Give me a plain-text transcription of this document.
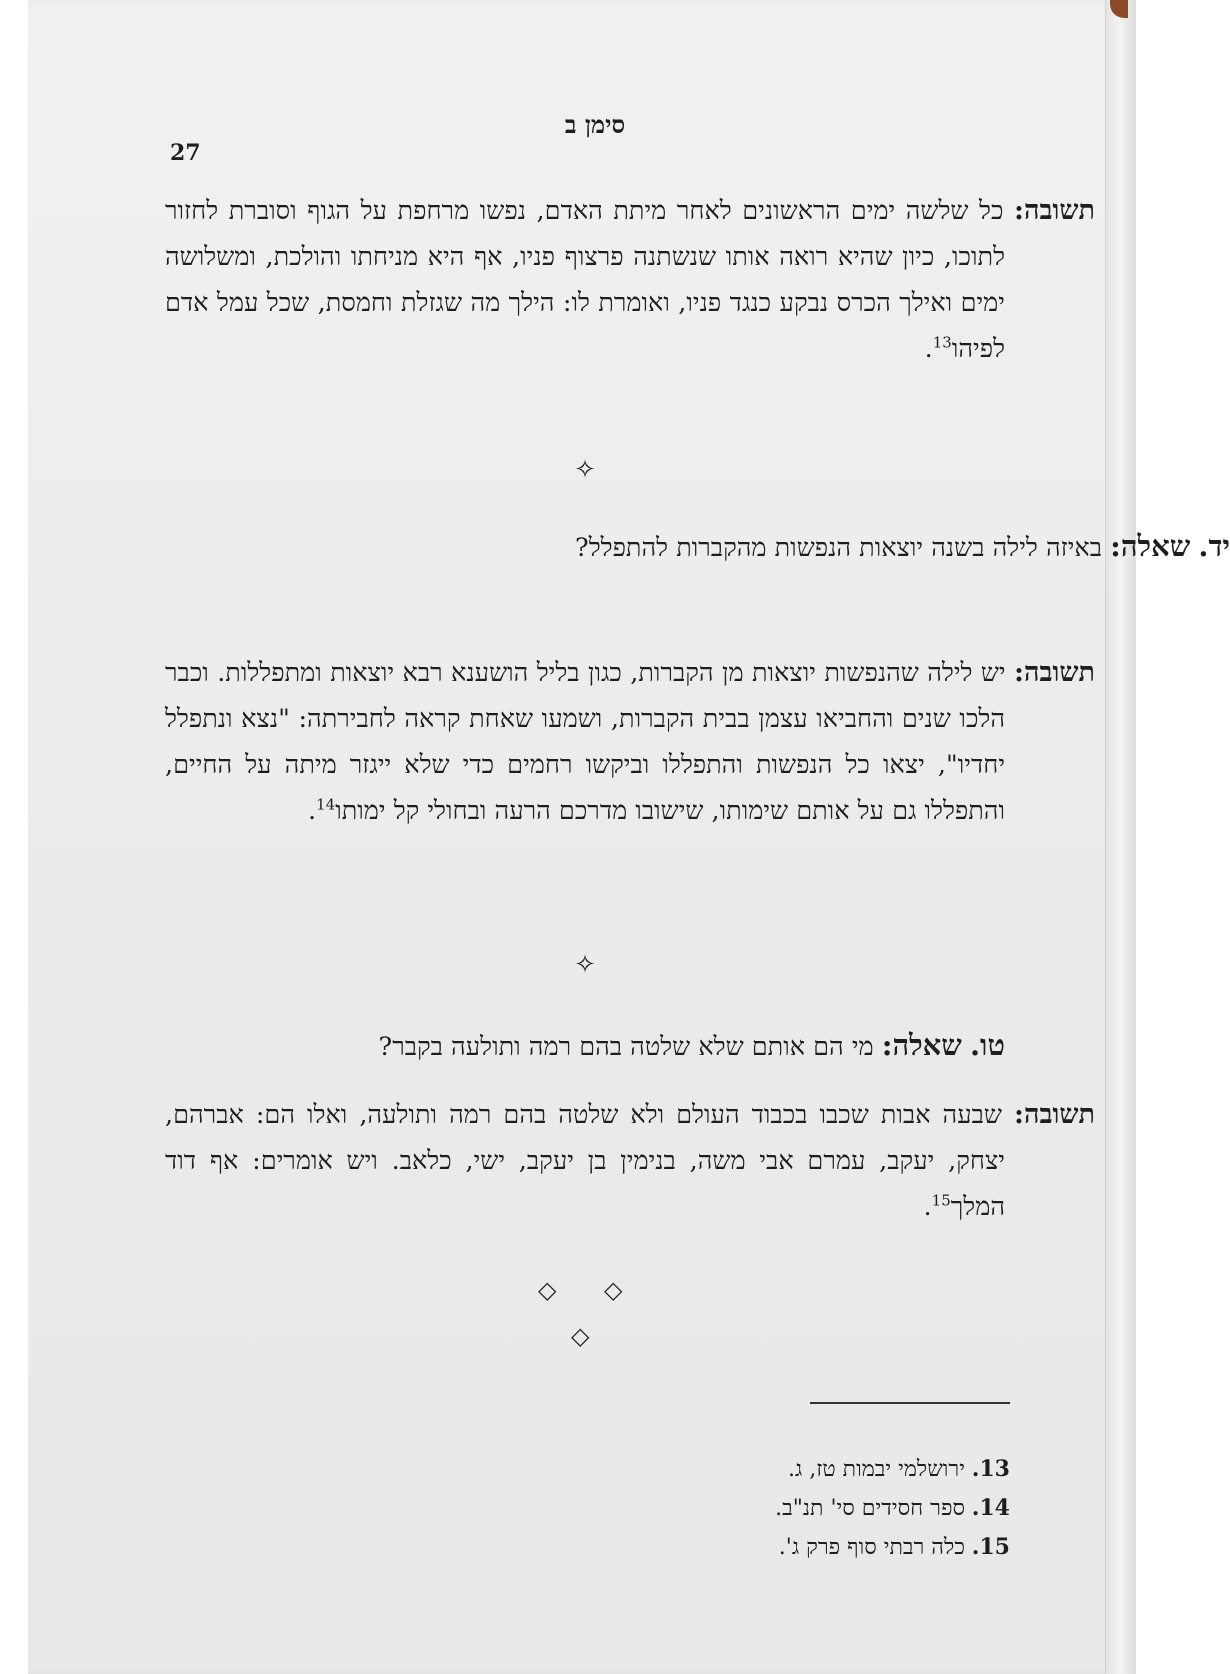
סימן ב
27
תשובה: כל שלשה ימים הראשונים לאחר מיתת האדם, נפשו מרחפת על הגוף וסוברת לחזור לתוכו, כיון שהיא רואה אותו שנשתנה פרצוף פניו, אף היא מניחתו והולכת, ומשלושה ימים ואילך הכרס נבקע כנגד פניו, ואומרת לו: הילך מה שגזלת וחמסת, שכל עמל אדם לפיהו$^{13}$.
✧
יד. שאלה: באיזה לילה בשנה יוצאות הנפשות מהקברות להתפלל?
תשובה: יש לילה שהנפשות יוצאות מן הקברות, כגון בליל הושענא רבא יוצאות ומתפללות. וכבר הלכו שנים והחביאו עצמן בבית הקברות, ושמעו שאחת קראה לחבירתה: "נצא ונתפלל יחדיו", יצאו כל הנפשות והתפללו וביקשו רחמים כדי שלא ייגזר מיתה על החיים, והתפללו גם על אותם שימותו, שישובו מדרכם הרעה ובחולי קל ימותו$^{14}$.
✧
טו. שאלה: מי הם אותם שלא שלטה בהם רמה ותולעה בקבר?
תשובה: שבעה אבות שכבו בכבוד העולם ולא שלטה בהם רמה ותולעה, ואלו הם: אברהם, יצחק, יעקב, עמרם אבי משה, בנימין בן יעקב, ישי, כלאב. ויש אומרים: אף דוד המלך$^{15}$.
◇ ◇
◇
13. ירושלמי יבמות טז, ג.
14. ספר חסידים סי' תנ"ב.
15. כלה רבתי סוף פרק ג'.
